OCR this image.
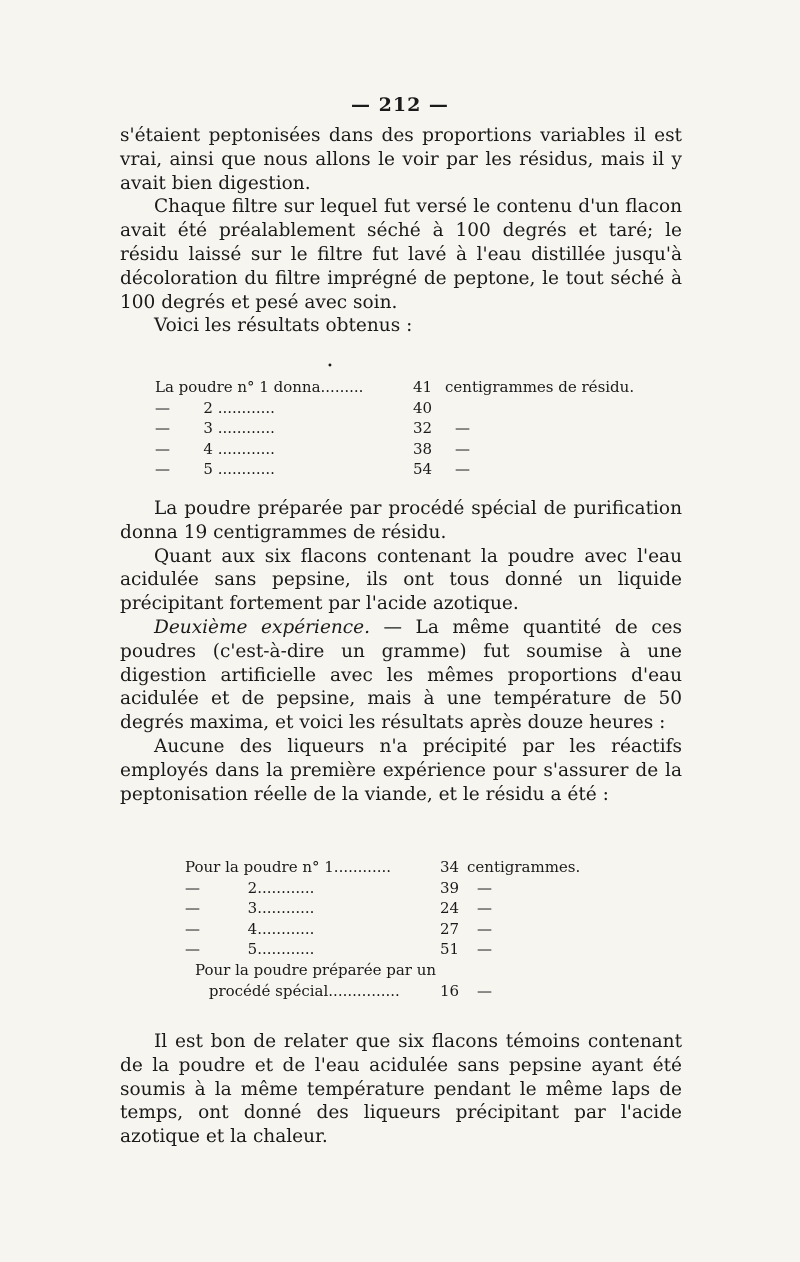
— 212 —

s'étaient peptonisées dans des proportions variables il est vrai, ainsi que nous allons le voir par les résidus, mais il y avait bien digestion.

Chaque filtre sur lequel fut versé le contenu d'un flacon avait été préalablement séché à 100 degrés et taré; le résidu laissé sur le filtre fut lavé à l'eau distillée jusqu'à décoloration du filtre imprégné de peptone, le tout séché à 100 degrés et pesé avec soin.

Voici les résultats obtenus :

•
La poudre n° 1 donna.........	41 centigrammes de résidu.
—       2 ............	40
—       3 ............	32 —
—       4 ............	38 —
—       5 ............	54 —

La poudre préparée par procédé spécial de purification donna 19 centigrammes de résidu.

Quant aux six flacons contenant la poudre avec l'eau acidulée sans pepsine, ils ont tous donné un liquide précipitant fortement par l'acide azotique.

Deuxième expérience. — La même quantité de ces poudres (c'est-à-dire un gramme) fut soumise à une digestion artificielle avec les mêmes proportions d'eau acidulée et de pepsine, mais à une température de 50 degrés maxima, et voici les résultats après douze heures :

Aucune des liqueurs n'a précipité par les réactifs employés dans la première expérience pour s'assurer de la peptonisation réelle de la viande, et le résidu a été :

Pour la poudre n° 1............	34 centigrammes.
—          2............	39 —
—          3............	24 —
—          4............	27 —
—          5............	51 —
Pour la poudre préparée par un
procédé spécial...............	16 —

Il est bon de relater que six flacons témoins contenant de la poudre et de l'eau acidulée sans pepsine ayant été soumis à la même température pendant le même laps de temps, ont donné des liqueurs précipitant par l'acide azotique et la chaleur.
